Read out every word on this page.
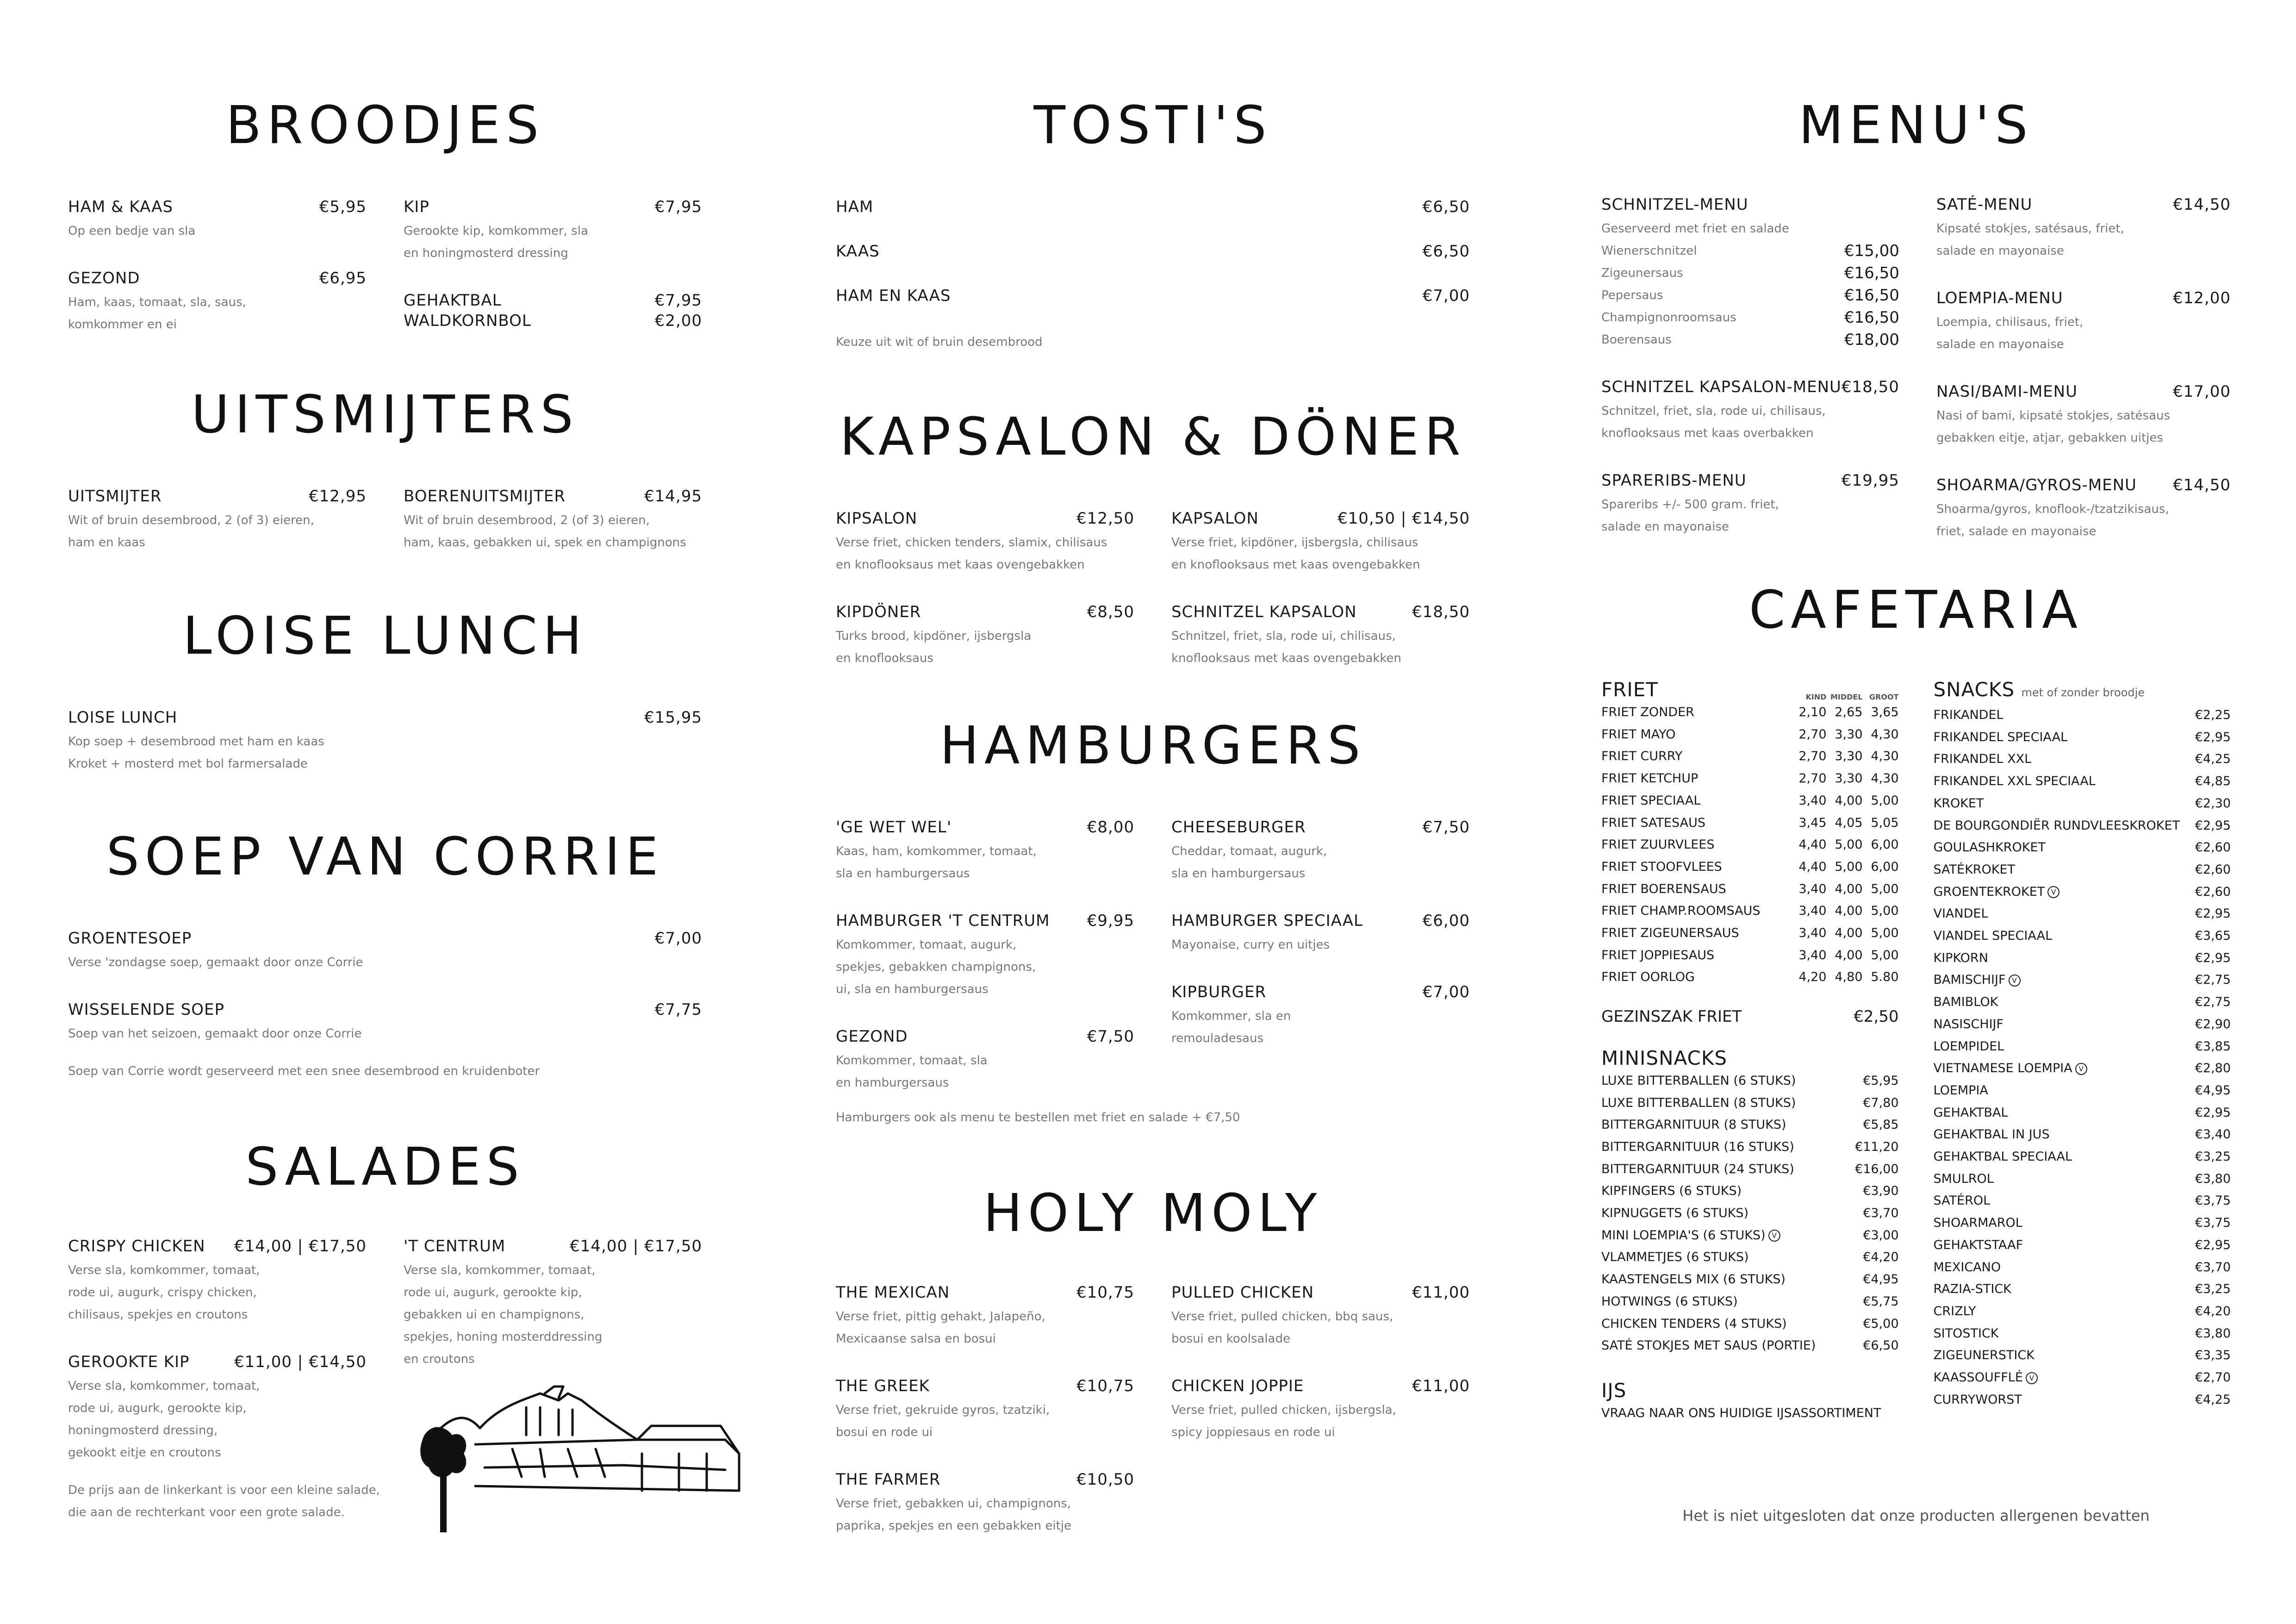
BROODJES
HAM & KAAS	€5,95
Op een bedje van sla
GEZOND	€6,95
Ham, kaas, tomaat, sla, saus,
komkommer en ei
KIP	€7,95
Gerookte kip, komkommer, sla
en honingmosterd dressing
GEHAKTBAL	€7,95
WALDKORNBOL	€2,00
UITSMIJTERS
UITSMIJTER	€12,95
Wit of bruin desembrood, 2 (of 3) eieren,
ham en kaas
BOERENUITSMIJTER	€14,95
Wit of bruin desembrood, 2 (of 3) eieren,
ham, kaas, gebakken ui, spek en champignons
LOISE LUNCH
LOISE LUNCH	€15,95
Kop soep + desembrood met ham en kaas
Kroket + mosterd met bol farmersalade
SOEP VAN CORRIE
GROENTESOEP	€7,00
Verse 'zondagse soep, gemaakt door onze Corrie
WISSELENDE SOEP	€7,75
Soep van het seizoen, gemaakt door onze Corrie
Soep van Corrie wordt geserveerd met een snee desembrood en kruidenboter
SALADES
CRISPY CHICKEN €14,00 | €17,50
Verse sla, komkommer, tomaat,
rode ui, augurk, crispy chicken,
chilisaus, spekjes en croutons
GEROOKTE KIP	€11,00 | €14,50
Verse sla, komkommer, tomaat,
rode ui, augurk, gerookte kip,
honingmosterd dressing,
gekookt eitje en croutons
'T CENTRUM	€14,00 | €17,50
Verse sla, komkommer, tomaat,
rode ui, augurk, gerookte kip,
gebakken ui en champignons,
spekjes, honing mosterddressing
en croutons
De prijs aan de linkerkant is voor een kleine salade,
die aan de rechterkant voor een grote salade.
TOSTI'S
HAM	€6,50
KAAS	€6,50
HAM EN KAAS	€7,00
Keuze uit wit of bruin desembrood
KAPSALON & DÖNER
KIPSALON	€12,50
Verse friet, chicken tenders, slamix, chilisaus
en knoflooksaus met kaas ovengebakken
KIPDÖNER	€8,50
Turks brood, kipdöner, ijsbergsla
en knoflooksaus
KAPSALON	€10,50 | €14,50
Verse friet, kipdöner, ijsbergsla, chilisaus
en knoflooksaus met kaas ovengebakken
SCHNITZEL KAPSALON	€18,50
Schnitzel, friet, sla, rode ui, chilisaus,
knoflooksaus met kaas ovengebakken
HAMBURGERS
'GE WET WEL'	€8,00
Kaas, ham, komkommer, tomaat,
sla en hamburgersaus
HAMBURGER 'T CENTRUM €9,95
Komkommer, tomaat, augurk,
spekjes, gebakken champignons,
ui, sla en hamburgersaus
GEZOND	€7,50
Komkommer, tomaat, sla
en hamburgersaus
CHEESEBURGER	€7,50
Cheddar, tomaat, augurk,
sla en hamburgersaus
HAMBURGER SPECIAAL	€6,00
Mayonaise, curry en uitjes
KIPBURGER	€7,00
Komkommer, sla en
remouladesaus
Hamburgers ook als menu te bestellen met friet en salade + €7,50
HOLY MOLY
THE MEXICAN	€10,75
Verse friet, pittig gehakt, Jalapeño,
Mexicaanse salsa en bosui
THE GREEK	€10,75
Verse friet, gekruide gyros, tzatziki,
bosui en rode ui
THE FARMER	€10,50
Verse friet, gebakken ui, champignons,
paprika, spekjes en een gebakken eitje
PULLED CHICKEN	€11,00
Verse friet, pulled chicken, bbq saus,
bosui en koolsalade
CHICKEN JOPPIE	€11,00
Verse friet, pulled chicken, ijsbergsla,
spicy joppiesaus en rode ui
MENU'S
SCHNITZEL-MENU
Geserveerd met friet en salade
Wienerschnitzel	€15,00
Zigeunersaus	€16,50
Pepersaus	€16,50
Champignonroomsaus	€16,50
Boerensaus	€18,00
SCHNITZEL KAPSALON-MENU €18,50
Schnitzel, friet, sla, rode ui, chilisaus,
knoflooksaus met kaas overbakken
SPARERIBS-MENU	€19,95
Spareribs +/- 500 gram. friet,
salade en mayonaise
SATÉ-MENU	€14,50
Kipsaté stokjes, satésaus, friet,
salade en mayonaise
LOEMPIA-MENU	€12,00
Loempia, chilisaus, friet,
salade en mayonaise
NASI/BAMI-MENU	€17,00
Nasi of bami, kipsaté stokjes, satésaus
gebakken eitje, atjar, gebakken uitjes
SHOARMA/GYROS-MENU €14,50
Shoarma/gyros, knoflook-/tzatzikisaus,
friet, salade en mayonaise
CAFETARIA
FRIET	KIND MIDDEL GROOT
FRIET ZONDER	2,10 2,65 3,65
FRIET MAYO	2,70 3,30 4,30
FRIET CURRY	2,70 3,30 4,30
FRIET KETCHUP	2,70 3,30 4,30
FRIET SPECIAAL	3,40 4,00 5,00
FRIET SATESAUS	3,45 4,05 5,05
FRIET ZUURVLEES	4,40 5,00 6,00
FRIET STOOFVLEES	4,40 5,00 6,00
FRIET BOERENSAUS	3,40 4,00 5,00
FRIET CHAMP.ROOMSAUS	3,40 4,00 5,00
FRIET ZIGEUNERSAUS	3,40 4,00 5,00
FRIET JOPPIESAUS	3,40 4,00 5,00
FRIET OORLOG	4,20 4,80 5.80
GEZINSZAK FRIET	€2,50
MINISNACKS
LUXE BITTERBALLEN (6 STUKS)	€5,95
LUXE BITTERBALLEN (8 STUKS)	€7,80
BITTERGARNITUUR (8 STUKS)	€5,85
BITTERGARNITUUR (16 STUKS)	€11,20
BITTERGARNITUUR (24 STUKS)	€16,00
KIPFINGERS (6 STUKS)	€3,90
KIPNUGGETS (6 STUKS)	€3,70
MINI LOEMPIA'S (6 STUKS) V	€3,00
VLAMMETJES (6 STUKS)	€4,20
KAASTENGELS MIX (6 STUKS)	€4,95
HOTWINGS (6 STUKS)	€5,75
CHICKEN TENDERS (4 STUKS)	€5,00
SATÉ STOKJES MET SAUS (PORTIE)	€6,50
IJS
VRAAG NAAR ONS HUIDIGE IJSASSORTIMENT
SNACKS met of zonder broodje
FRIKANDEL	€2,25
FRIKANDEL SPECIAAL	€2,95
FRIKANDEL XXL	€4,25
FRIKANDEL XXL SPECIAAL	€4,85
KROKET	€2,30
DE BOURGONDIËR RUNDVLEESKROKET €2,95
GOULASHKROKET	€2,60
SATÉKROKET	€2,60
GROENTEKROKET V	€2,60
VIANDEL	€2,95
VIANDEL SPECIAAL	€3,65
KIPKORN	€2,95
BAMISCHIJF V	€2,75
BAMIBLOK	€2,75
NASISCHIJF	€2,90
LOEMPIDEL	€3,85
VIETNAMESE LOEMPIA V	€2,80
LOEMPIA	€4,95
GEHAKTBAL	€2,95
GEHAKTBAL IN JUS	€3,40
GEHAKTBAL SPECIAAL	€3,25
SMULROL	€3,80
SATÉROL	€3,75
SHOARMAROL	€3,75
GEHAKTSTAAF	€2,95
MEXICANO	€3,70
RAZIA-STICK	€3,25
CRIZLY	€4,20
SITOSTICK	€3,80
ZIGEUNERSTICK	€3,35
KAASSOUFFLÉ V	€2,70
CURRYWORST	€4,25
Het is niet uitgesloten dat onze producten allergenen bevatten
